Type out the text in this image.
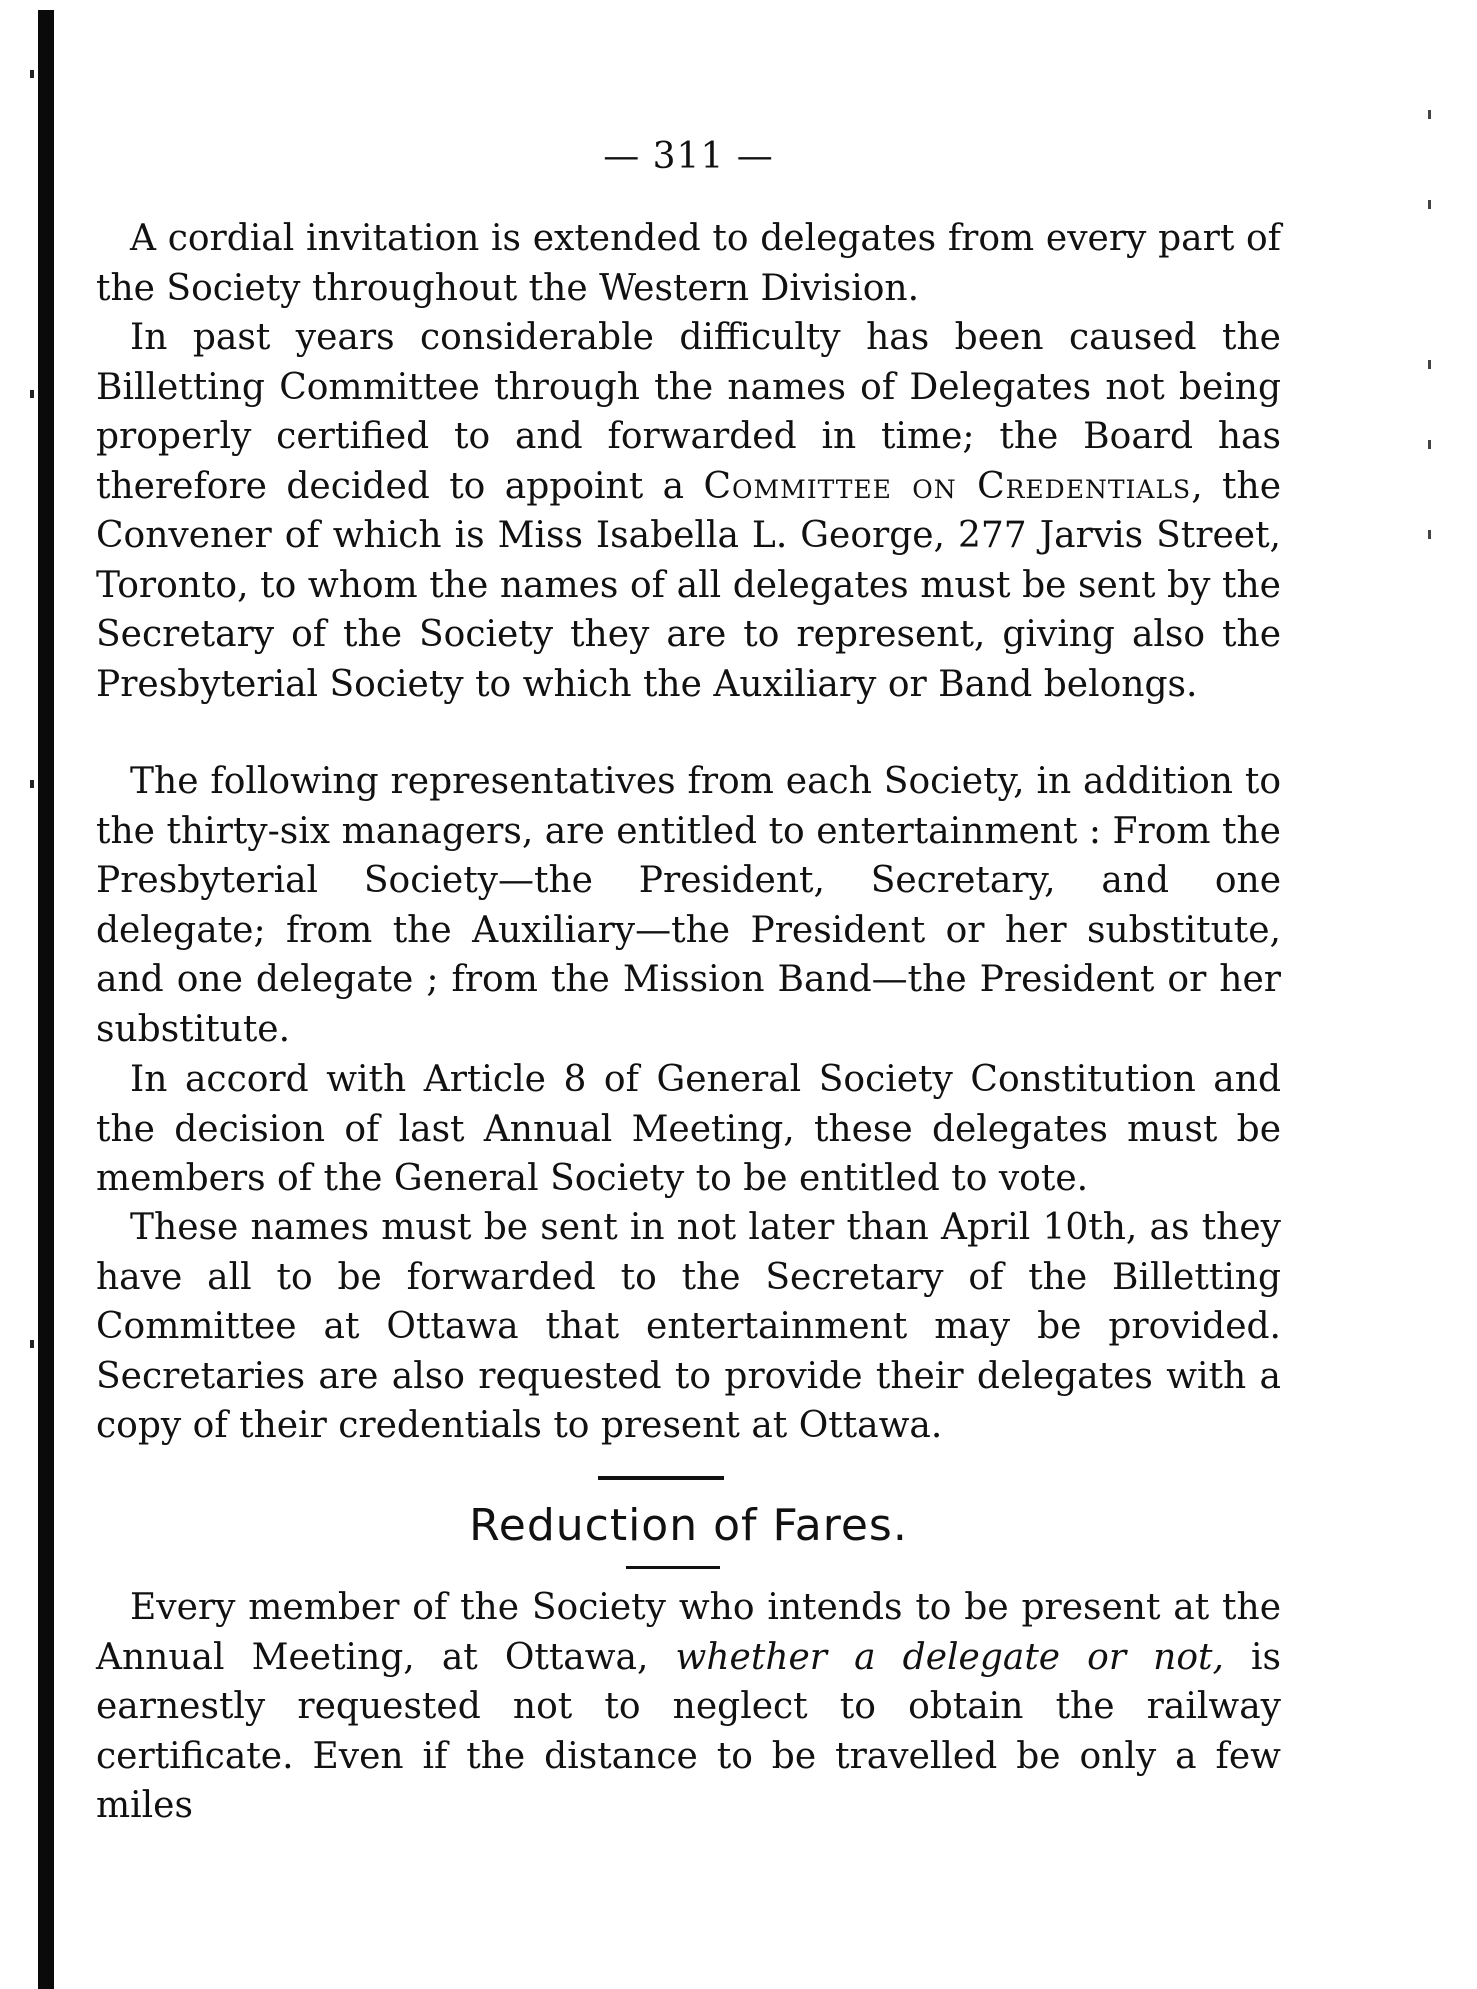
— 311 —

A cordial invitation is extended to delegates from every part of the Society throughout the Western Division.

In past years considerable difficulty has been caused the Billetting Committee through the names of Delegates not being properly certified to and forwarded in time; the Board has therefore decided to appoint a Committee on Credentials, the Convener of which is Miss Isabella L. George, 277 Jarvis Street, Toronto, to whom the names of all delegates must be sent by the Secretary of the Society they are to represent, giving also the Presbyterial Society to which the Auxiliary or Band belongs.

The following representatives from each Society, in addition to the thirty-six managers, are entitled to entertainment : From the Presbyterial Society—the President, Secretary, and one delegate; from the Auxiliary—the President or her substitute, and one delegate ; from the Mission Band—the President or her substitute.

In accord with Article 8 of General Society Constitution and the decision of last Annual Meeting, these delegates must be members of the General Society to be entitled to vote.

These names must be sent in not later than April 10th, as they have all to be forwarded to the Secretary of the Billetting Committee at Ottawa that entertainment may be provided. Secretaries are also requested to provide their delegates with a copy of their credentials to present at Ottawa.

Reduction of Fares.

Every member of the Society who intends to be present at the Annual Meeting, at Ottawa, whether a delegate or not, is earnestly requested not to neglect to obtain the railway certificate. Even if the distance to be travelled be only a few miles
